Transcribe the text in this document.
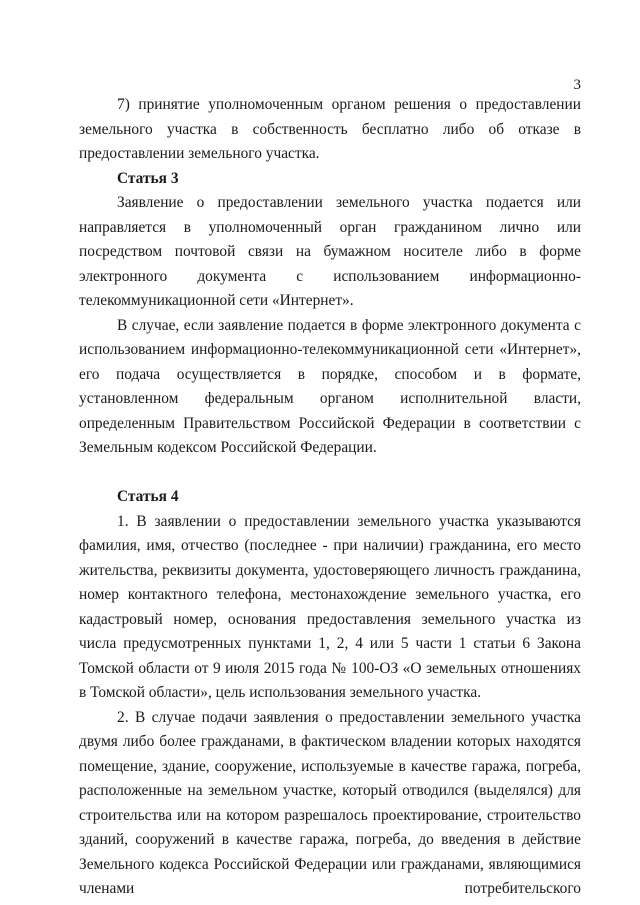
3

7) принятие уполномоченным органом решения о предоставлении земельного участка в собственность бесплатно либо об отказе в предоставлении земельного участка.

Статья 3

Заявление о предоставлении земельного участка подается или направляется в уполномоченный орган гражданином лично или посредством почтовой связи на бумажном носителе либо в форме электронного документа с использованием информационно-телекоммуникационной сети «Интернет».

В случае, если заявление подается в форме электронного документа с использованием информационно-телекоммуникационной сети «Интернет», его подача осуществляется в порядке, способом и в формате, установленном федеральным органом исполнительной власти, определенным Правительством Российской Федерации в соответствии с Земельным кодексом Российской Федерации.

Статья 4

1. В заявлении о предоставлении земельного участка указываются фамилия, имя, отчество (последнее - при наличии) гражданина, его место жительства, реквизиты документа, удостоверяющего личность гражданина, номер контактного телефона, местонахождение земельного участка, его кадастровый номер, основания предоставления земельного участка из числа предусмотренных пунктами 1, 2, 4 или 5 части 1 статьи 6 Закона Томской области от 9 июля 2015 года № 100-ОЗ «О земельных отношениях в Томской области», цель использования земельного участка.

2. В случае подачи заявления о предоставлении земельного участка двумя либо более гражданами, в фактическом владении которых находятся помещение, здание, сооружение, используемые в качестве гаража, погреба, расположенные на земельном участке, который отводился (выделялся) для строительства или на котором разрешалось проектирование, строительство зданий, сооружений в качестве гаража, погреба, до введения в действие Земельного кодекса Российской Федерации или гражданами, являющимися членами потребительского
